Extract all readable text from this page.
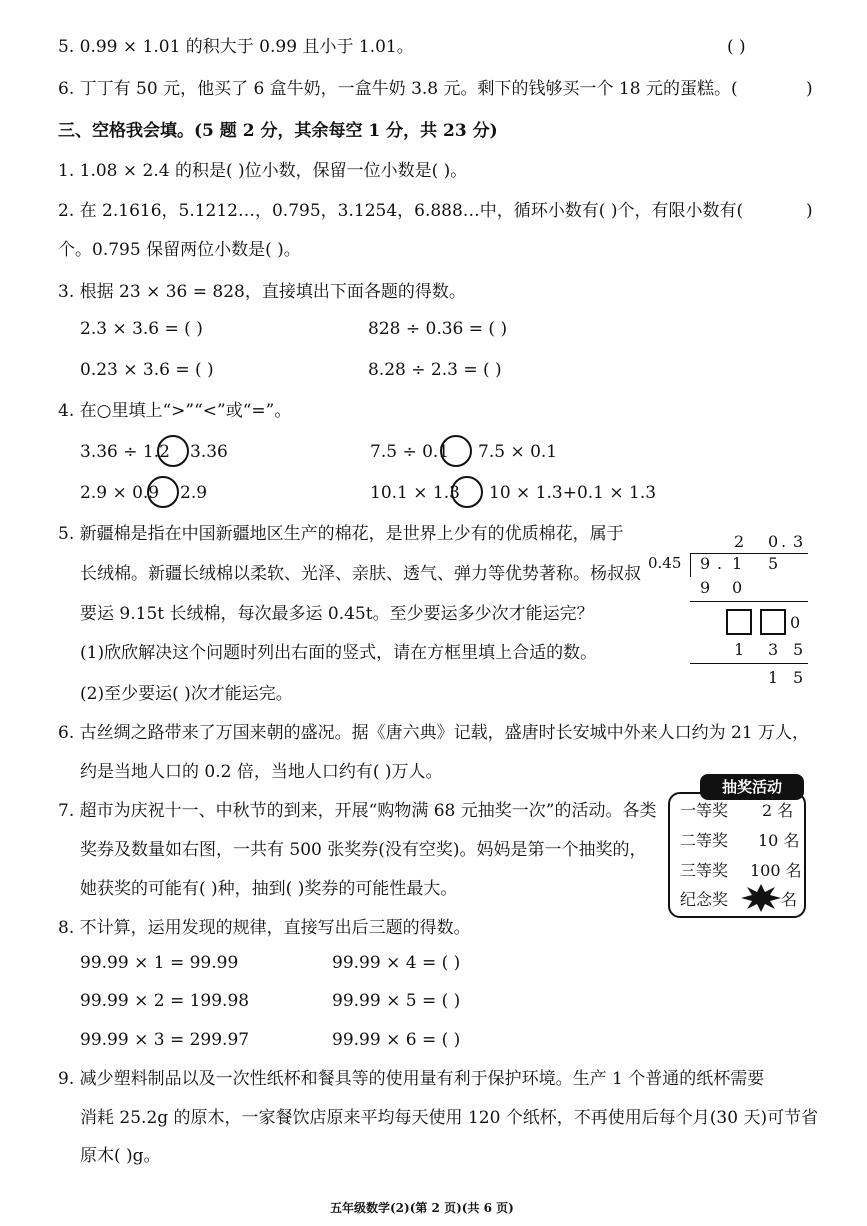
5. 0.99 × 1.01 的积大于 0.99 且小于 1.01。	( )
6. 丁丁有 50 元，他买了 6 盒牛奶，一盒牛奶 3.8 元。剩下的钱够买一个 18 元的蛋糕。(	)
三、空格我会填。(5 题 2 分，其余每空 1 分，共 23 分)
1. 1.08 × 2.4 的积是( )位小数，保留一位小数是( )。
2. 在 2.1616，5.1212…，0.795，3.1254，6.888…中，循环小数有( )个，有限小数有(	)
个。0.795 保留两位小数是( )。
3. 根据 23 × 36 = 828，直接填出下面各题的得数。
2.3 × 3.6 = ( )	828 ÷ 0.36 = ( )
0.23 × 3.6 = ( )	8.28 ÷ 2.3 = ( )
4. 在○里填上“>”“<”或“=”。
3.36 ÷ 1.2 3.36	7.5 ÷ 0.1 7.5 × 0.1
2.9 × 0.9 2.9	10.1 × 1.3 10 × 1.3+0.1 × 1.3
5. 新疆棉是指在中国新疆地区生产的棉花，是世界上少有的优质棉花，属于
长绒棉。新疆长绒棉以柔软、光泽、亲肤、透气、弹力等优势著称。杨叔叔
要运 9.15t 长绒棉，每次最多运 0.45t。至少要运多少次才能运完？
(1)欣欣解决这个问题时列出右面的竖式，请在方框里填上合适的数。
(2)至少要运( )次才能运完。
2 0 . 3
0.45 9 . 1 5
9 0
0
1 3 5
1 5
6. 古丝绸之路带来了万国来朝的盛况。据《唐六典》记载，盛唐时长安城中外来人口约为 21 万人，
约是当地人口的 0.2 倍，当地人口约有( )万人。
7. 超市为庆祝十一、中秋节的到来，开展“购物满 68 元抽奖一次”的活动。各类
奖券及数量如右图，一共有 500 张奖券(没有空奖)。妈妈是第一个抽奖的，
她获奖的可能有( )种，抽到( )奖券的可能性最大。
抽奖活动
一等奖 2 名
二等奖 10 名
三等奖 100 名
纪念奖	名
8. 不计算，运用发现的规律，直接写出后三题的得数。
99.99 × 1 = 99.99	99.99 × 4 = ( )
99.99 × 2 = 199.98	99.99 × 5 = ( )
99.99 × 3 = 299.97	99.99 × 6 = ( )
9. 减少塑料制品以及一次性纸杯和餐具等的使用量有利于保护环境。生产 1 个普通的纸杯需要
消耗 25.2g 的原木，一家餐饮店原来平均每天使用 120 个纸杯，不再使用后每个月(30 天)可节省
原木( )g。
五年级数学(2)(第 2 页)(共 6 页)
